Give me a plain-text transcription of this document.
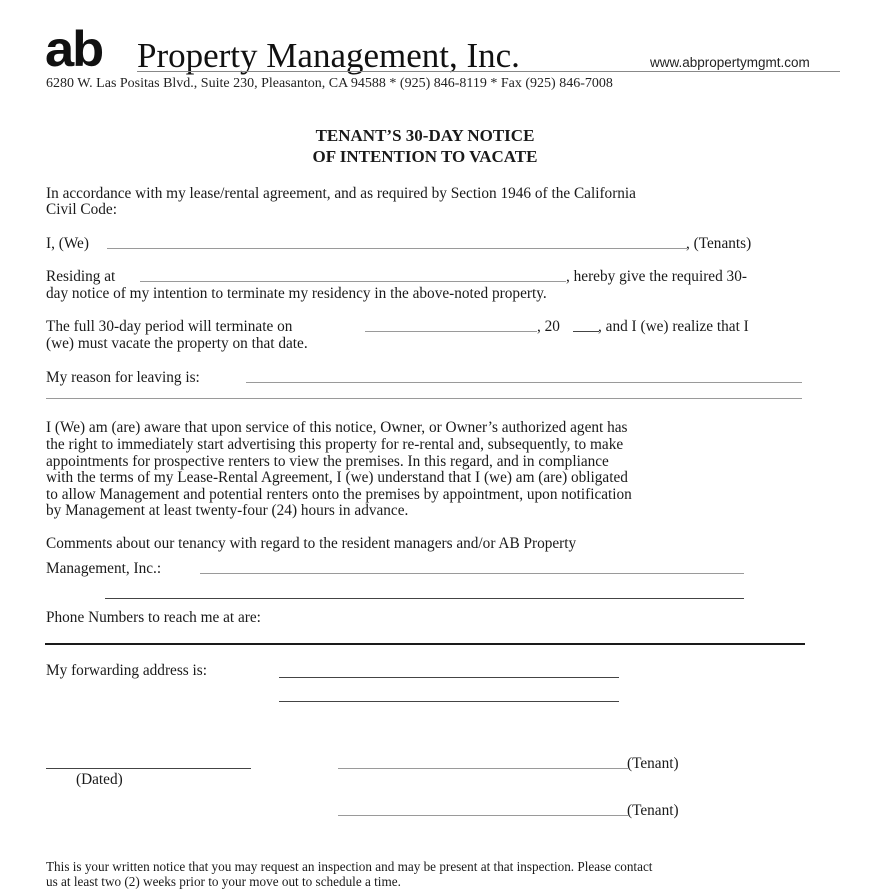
ab Property Management, Inc.	www.abpropertymgmt.com
6280 W. Las Positas Blvd., Suite 230, Pleasanton, CA 94588 * (925) 846-8119 * Fax (925) 846-7008
TENANT’S 30-DAY NOTICE
OF INTENTION TO VACATE
In accordance with my lease/rental agreement, and as required by Section 1946 of the California
Civil Code:
I, (We)	, (Tenants)
Residing at	, hereby give the required 30-
day notice of my intention to terminate my residency in the above-noted property.
The full 30-day period will terminate on	, 20 , and I (we) realize that I
(we) must vacate the property on that date.
My reason for leaving is:
I (We) am (are) aware that upon service of this notice, Owner, or Owner’s authorized agent has
the right to immediately start advertising this property for re-rental and, subsequently, to make
appointments for prospective renters to view the premises. In this regard, and in compliance
with the terms of my Lease-Rental Agreement, I (we) understand that I (we) am (are) obligated
to allow Management and potential renters onto the premises by appointment, upon notification
by Management at least twenty-four (24) hours in advance.
Comments about our tenancy with regard to the resident managers and/or AB Property
Management, Inc.:
Phone Numbers to reach me at are:
My forwarding address is:
(Dated)
(Tenant)
(Tenant)
This is your written notice that you may request an inspection and may be present at that inspection. Please contact
us at least two (2) weeks prior to your move out to schedule a time.
